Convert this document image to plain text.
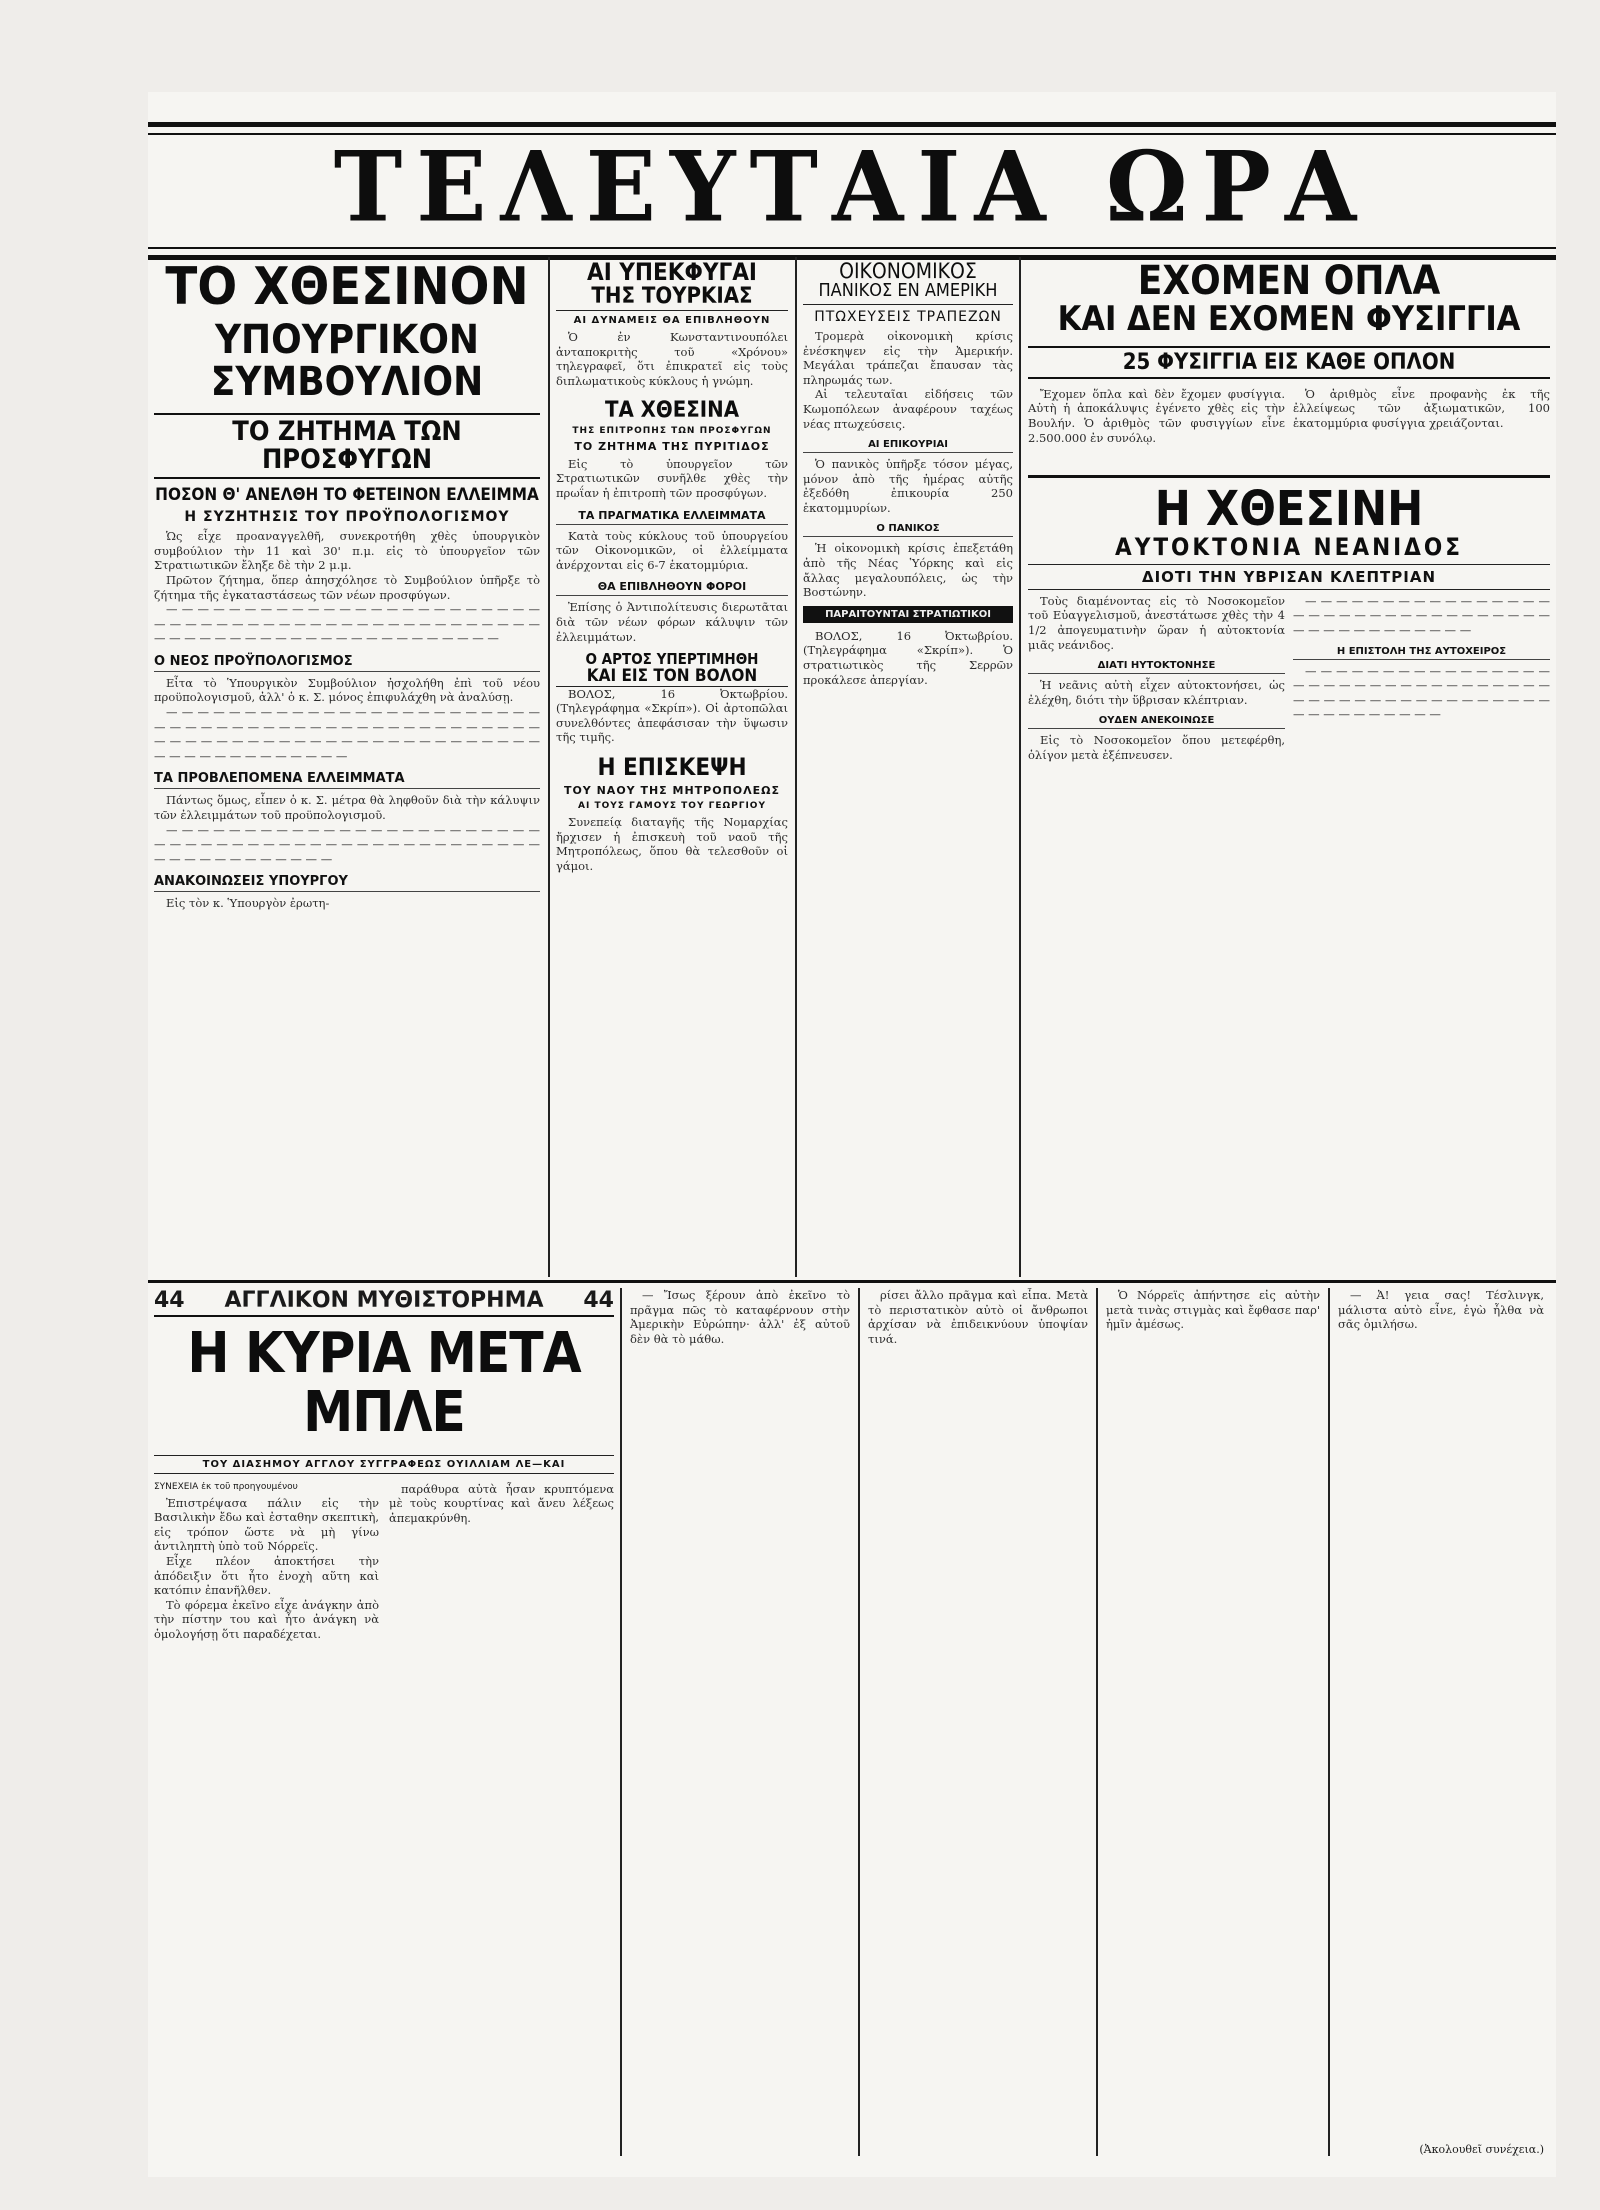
ΤΕΛΕΥΤΑΙΑ ΩΡΑ
ΤΟ ΧΘΕΣΙΝΟΝ
ΥΠΟΥΡΓΙΚΟΝ ΣΥΜΒΟΥΛΙΟΝ
ΤΟ ΖΗΤΗΜΑ ΤΩΝ ΠΡΟΣΦΥΓΩΝ
ΠΟΣΟΝ Θ' ΑΝΕΛΘΗ ΤΟ ΦΕΤΕΙΝΟΝ ΕΛΛΕΙΜΜΑ
Η ΣΥΖΗΤΗΣΙΣ ΤΟΥ ΠΡΟΫΠΟΛΟΓΙΣΜΟΥ

Ὡς εἶχε προαναγγελθῆ, συνεκροτήθη χθὲς ὑπουργικὸν συμβούλιον τὴν 11 καὶ 30' π.μ. εἰς τὸ ὑπουργεῖον τῶν Στρατιωτικῶν ἔληξε δὲ τὴν 2 μ.μ.

Πρῶτον ζήτημα, ὅπερ ἀπησχόλησε τὸ Συμβούλιον ὑπῆρξε τὸ ζήτημα τῆς ἐγκαταστάσεως τῶν νέων προσφύγων.

— — — — — — — — — — — — — — — — — — — — — — — — — — — — — — — — — — — — — — — — — — — — — — — — — — — — — — — — — — — — — — — — — — — — — — — —

Ο ΝΕΟΣ ΠΡΟΫΠΟΛΟΓΙΣΜΟΣ

Εἶτα τὸ Ὑπουργικὸν Συμβούλιον ἠσχολήθη ἐπὶ τοῦ νέου προϋπολογισμοῦ, ἀλλ' ὁ κ. Σ. μόνος ἐπιφυλάχθη νὰ ἀναλύσῃ.

— — — — — — — — — — — — — — — — — — — — — — — — — — — — — — — — — — — — — — — — — — — — — — — — — — — — — — — — — — — — — — — — — — — — — — — — — — — — — — — — — — — — — — —

ΤΑ ΠΡΟΒΛΕΠΟΜΕΝΑ ΕΛΛΕΙΜΜΑΤΑ

Πάντως ὅμως, εἶπεν ὁ κ. Σ. μέτρα θὰ ληφθοῦν διὰ τὴν κάλυψιν τῶν ἐλλειμμάτων τοῦ προϋπολογισμοῦ.

— — — — — — — — — — — — — — — — — — — — — — — — — — — — — — — — — — — — — — — — — — — — — — — — — — — — — — — — — — — — —

ΑΝΑΚΟΙΝΩΣΕΙΣ ΥΠΟΥΡΓΟΥ

Εἰς τὸν κ. Ὑπουργὸν ἐρωτη-

ΑΙ ΥΠΕΚΦΥΓΑΙ
ΤΗΣ ΤΟΥΡΚΙΑΣ
ΑΙ ΔΥΝΑΜΕΙΣ ΘΑ ΕΠΙΒΛΗΘΟΥΝ

Ὁ ἐν Κωνσταντινουπόλει ἀνταποκριτὴς τοῦ «Χρόνου» τηλεγραφεῖ, ὅτι ἐπικρατεῖ εἰς τοὺς διπλωματικοὺς κύκλους ἡ γνώμη.

ΤΑ ΧΘΕΣΙΝΑ
ΤΗΣ ΕΠΙΤΡΟΠΗΣ ΤΩΝ ΠΡΟΣΦΥΓΩΝ
ΤΟ ΖΗΤΗΜΑ ΤΗΣ ΠΥΡΙΤΙΔΟΣ

Εἰς τὸ ὑπουργεῖον τῶν Στρατιωτικῶν συνῆλθε χθὲς τὴν πρωΐαν ἡ ἐπιτροπὴ τῶν προσφύγων.

ΤΑ ΠΡΑΓΜΑΤΙΚΑ ΕΛΛΕΙΜΜΑΤΑ

Κατὰ τοὺς κύκλους τοῦ ὑπουργείου τῶν Οἰκονομικῶν, οἱ ἐλλείμματα ἀνέρχονται εἰς 6-7 ἑκατομμύρια.

ΘΑ ΕΠΙΒΛΗΘΟΥΝ ΦΟΡΟΙ

Ἐπίσης ὁ Ἀντιπολίτευσις διερωτᾶται διὰ τῶν νέων φόρων κάλυψιν τῶν ἐλλειμμάτων.

Ο ΑΡΤΟΣ ΥΠΕΡΤΙΜΗΘΗ
ΚΑΙ ΕΙΣ ΤΟΝ ΒΟΛΟΝ

ΒΟΛΟΣ, 16 Ὀκτωβρίου. (Τηλεγράφημα «Σκρίπ»). Οἱ ἀρτοπῶλαι συνελθόντες ἀπεφάσισαν τὴν ὕψωσιν τῆς τιμῆς.

Η ΕΠΙΣΚΕΨΗ
ΤΟΥ ΝΑΟΥ ΤΗΣ ΜΗΤΡΟΠΟΛΕΩΣ
ΑΙ ΤΟΥΣ ΓΑΜΟΥΣ ΤΟΥ ΓΕΩΡΓΙΟΥ

Συνεπείᾳ διαταγῆς τῆς Νομαρχίας ἤρχισεν ἡ ἐπισκευὴ τοῦ ναοῦ τῆς Μητροπόλεως, ὅπου θὰ τελεσθοῦν οἱ γάμοι.

ΟΙΚΟΝΟΜΙΚΟΣ
ΠΑΝΙΚΟΣ ΕΝ ΑΜΕΡΙΚΗ
ΠΤΩΧΕΥΣΕΙΣ ΤΡΑΠΕΖΩΝ

Τρομερὰ οἰκονομικὴ κρίσις ἐνέσκηψεν εἰς τὴν Ἀμερικήν. Μεγάλαι τράπεζαι ἔπαυσαν τὰς πληρωμάς των.

Αἱ τελευταῖαι εἰδήσεις τῶν Κωμοπόλεων ἀναφέρουν ταχέως νέας πτωχεύσεις.

ΑΙ ΕΠΙΚΟΥΡΙΑΙ

Ὁ πανικὸς ὑπῆρξε τόσον μέγας, μόνον ἀπὸ τῆς ἡμέρας αὐτῆς ἐξεδόθη ἐπικουρία 250 ἑκατομμυρίων.

Ο ΠΑΝΙΚΟΣ

Ἡ οἰκονομικὴ κρίσις ἐπεξετάθη ἀπὸ τῆς Νέας Ὑόρκης καὶ εἰς ἄλλας μεγαλουπόλεις, ὡς τὴν Βοστώνην.

ΠΑΡΑΙΤΟΥΝΤΑΙ ΣΤΡΑΤΙΩΤΙΚΟΙ

ΒΟΛΟΣ, 16 Ὀκτωβρίου. (Τηλεγράφημα «Σκρίπ»). Ὁ στρατιωτικὸς τῆς Σερρῶν προκάλεσε ἀπεργίαν.

ΕΧΟΜΕΝ ΟΠΛΑ
ΚΑΙ ΔΕΝ ΕΧΟΜΕΝ ΦΥΣΙΓΓΙΑ
25 ΦΥΣΙΓΓΙΑ ΕΙΣ ΚΑΘΕ ΟΠΛΟΝ

Ἔχομεν ὅπλα καὶ δὲν ἔχομεν φυσίγγια. Αὐτὴ ἡ ἀποκάλυψις ἐγένετο χθὲς εἰς τὴν Βουλήν. Ὁ ἀριθμὸς τῶν φυσιγγίων εἶνε 2.500.000 ἐν συνόλῳ.

Ὁ ἀριθμὸς εἶνε προφανὴς ἐκ τῆς ἐλλείψεως τῶν ἀξιωματικῶν, 100 ἑκατομμύρια φυσίγγια χρειάζονται.

Η ΧΘΕΣΙΝΗ
ΑΥΤΟΚΤΟΝΙΑ ΝΕΑΝΙΔΟΣ
ΔΙΟΤΙ ΤΗΝ ΥΒΡΙΣΑΝ ΚΛΕΠΤΡΙΑΝ

Τοὺς διαμένοντας εἰς τὸ Νοσοκομεῖον τοῦ Εὐαγγελισμοῦ, ἀνεστάτωσε χθὲς τὴν 4 1/2 ἀπογευματινὴν ὥραν ἡ αὐτοκτονία μιᾶς νεάνιδος.

ΔΙΑΤΙ ΗΥΤΟΚΤΟΝΗΣΕ

Ἡ νεᾶνις αὐτὴ εἶχεν αὐτοκτονήσει, ὡς ἐλέχθη, διότι τὴν ὕβρισαν κλέπτριαν.

ΟΥΔΕΝ ΑΝΕΚΟΙΝΩΣΕ

Εἰς τὸ Νοσοκομεῖον ὅπου μετεφέρθη, ὁλίγον μετὰ ἐξέπνευσεν.

— — — — — — — — — — — — — — — — — — — — — — — — — — — — — — — — — — — — — — — — — — — — —

Η ΕΠΙΣΤΟΛΗ ΤΗΣ ΑΥΤΟΧΕΙΡΟΣ

— — — — — — — — — — — — — — — — — — — — — — — — — — — — — — — — — — — — — — — — — — — — — — — — — — — — — — — — — — — —

44 ΑΓΓΛΙΚΟΝ ΜΥΘΙΣΤΟΡΗΜΑ 44
Η ΚΥΡΙΑ ΜΕΤΑ ΜΠΛΕ
ΤΟΥ ΔΙΑΣΗΜΟΥ ΑΓΓΛΟΥ ΣΥΓΓΡΑΦΕΩΣ ΟΥΙΛΛΙΑΜ ΛΕ—ΚΑΙ
ΣΥΝΕΧΕΙΑ ἐκ τοῦ προηγουμένου

Ἐπιστρέψασα πάλιν εἰς τὴν Βασιλικὴν ἔδω καὶ ἐσταθην σκεπτικὴ, εἰς τρόπον ὥστε νὰ μὴ γίνω ἀντιληπτὴ ὑπὸ τοῦ Νόρρεϊς.

Εἶχε πλέον ἀποκτήσει τὴν ἀπόδειξιν ὅτι ἦτο ἐνοχὴ αὕτη καὶ κατόπιν ἐπανῆλθεν.

Τὸ φόρεμα ἐκεῖνο εἶχε ἀνάγκην ἀπὸ τὴν πίστην του καὶ ἦτο ἀνάγκη νὰ ὁμολογήσῃ ὅτι παραδέχεται.

παράθυρα αὐτὰ ἦσαν κρυπτόμενα μὲ τοὺς κουρτίνας καὶ ἄνευ λέξεως ἀπεμακρύνθη.

— Ἴσως ξέρουν ἀπὸ ἐκεῖνο τὸ πρᾶγμα πῶς τὸ καταφέρνουν στὴν Ἀμερικὴν Εὐρώπην· ἀλλ' ἐξ αὐτοῦ δὲν θὰ τὸ μάθω.

ρίσει ἄλλο πρᾶγμα καὶ εἶπα. Μετὰ τὸ περιστατικὸν αὐτὸ οἱ ἄνθρωποι ἀρχίσαν νὰ ἐπιδεικνύουν ὑποψίαν τινά.

Ὁ Νόρρεϊς ἀπήντησε εἰς αὐτὴν μετὰ τινὰς στιγμὰς καὶ ἔφθασε παρ' ἡμῖν ἀμέσως.

— Ἀ! γεια σας! Τέσλινγκ, μάλιστα αὐτὸ εἶνε, ἐγὼ ἦλθα νὰ σᾶς ὁμιλήσω.

(Ἀκολουθεῖ συνέχεια.)
